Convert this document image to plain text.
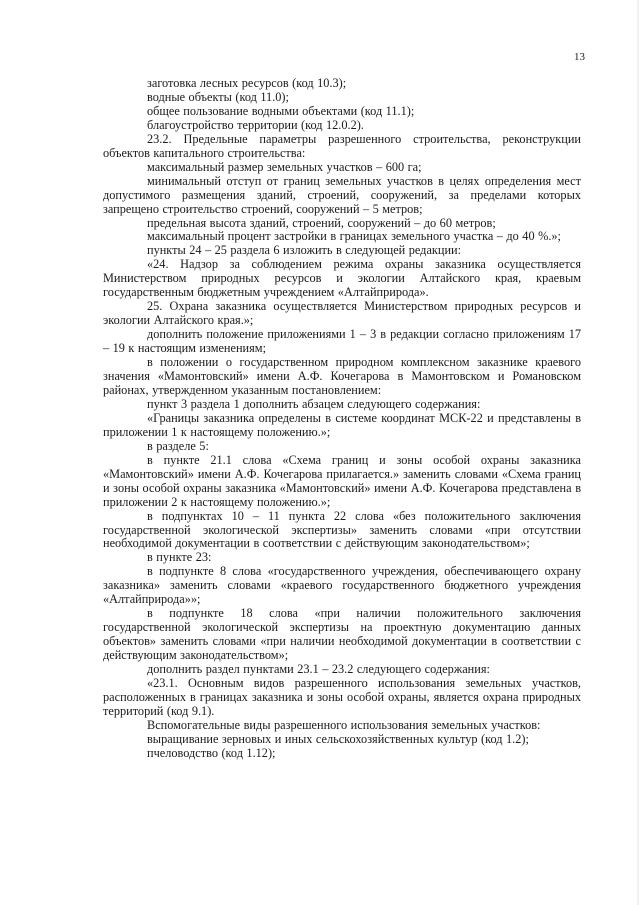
13

заготовка лесных ресурсов (код 10.3);

водные объекты (код 11.0);

общее пользование водными объектами (код 11.1);

благоустройство территории (код 12.0.2).

23.2. Предельные параметры разрешенного строительства, реконструкции объектов капитального строительства:

максимальный размер земельных участков – 600 га;

минимальный отступ от границ земельных участков в целях определения мест допустимого размещения зданий, строений, сооружений, за пределами которых запрещено строительство строений, сооружений – 5 метров;

предельная высота зданий, строений, сооружений – до 60 метров;

максимальный процент застройки в границах земельного участка – до 40 %.»;

пункты 24 – 25 раздела 6 изложить в следующей редакции:

«24. Надзор за соблюдением режима охраны заказника осуществляется Министерством природных ресурсов и экологии Алтайского края, краевым государственным бюджетным учреждением «Алтайприрода».

25. Охрана заказника осуществляется Министерством природных ресурсов и экологии Алтайского края.»;

дополнить положение приложениями 1 – 3 в редакции согласно приложениям 17 – 19 к настоящим изменениям;

в положении о государственном природном комплексном заказнике краевого значения «Мамонтовский» имени А.Ф. Кочегарова в Мамонтовском и Романовском районах, утвержденном указанным постановлением:

пункт 3 раздела 1 дополнить абзацем следующего содержания:

«Границы заказника определены в системе координат МСК-22 и представлены в приложении 1 к настоящему положению.»;

в разделе 5:

в пункте 21.1 слова «Схема границ и зоны особой охраны заказника «Мамонтовский» имени А.Ф. Кочегарова прилагается.» заменить словами «Схема границ и зоны особой охраны заказника «Мамонтовский» имени А.Ф. Кочегарова представлена в приложении 2 к настоящему положению.»;

в подпунктах 10 – 11 пункта 22 слова «без положительного заключения государственной экологической экспертизы» заменить словами «при отсутствии необходимой документации в соответствии с действующим законодательством»;

в пункте 23:

в подпункте 8 слова «государственного учреждения, обеспечивающего охрану заказника» заменить словами «краевого государственного бюджетного учреждения «Алтайприрода»»;

в подпункте 18 слова «при наличии положительного заключения государственной экологической экспертизы на проектную документацию данных объектов» заменить словами «при наличии необходимой документации в соответствии с действующим законодательством»;

дополнить раздел пунктами 23.1 – 23.2 следующего содержания:

«23.1. Основным видов разрешенного использования земельных участков, расположенных в границах заказника и зоны особой охраны, является охрана природных территорий (код 9.1).

Вспомогательные виды разрешенного использования земельных участков:

выращивание зерновых и иных сельскохозяйственных культур (код 1.2);

пчеловодство (код 1.12);
